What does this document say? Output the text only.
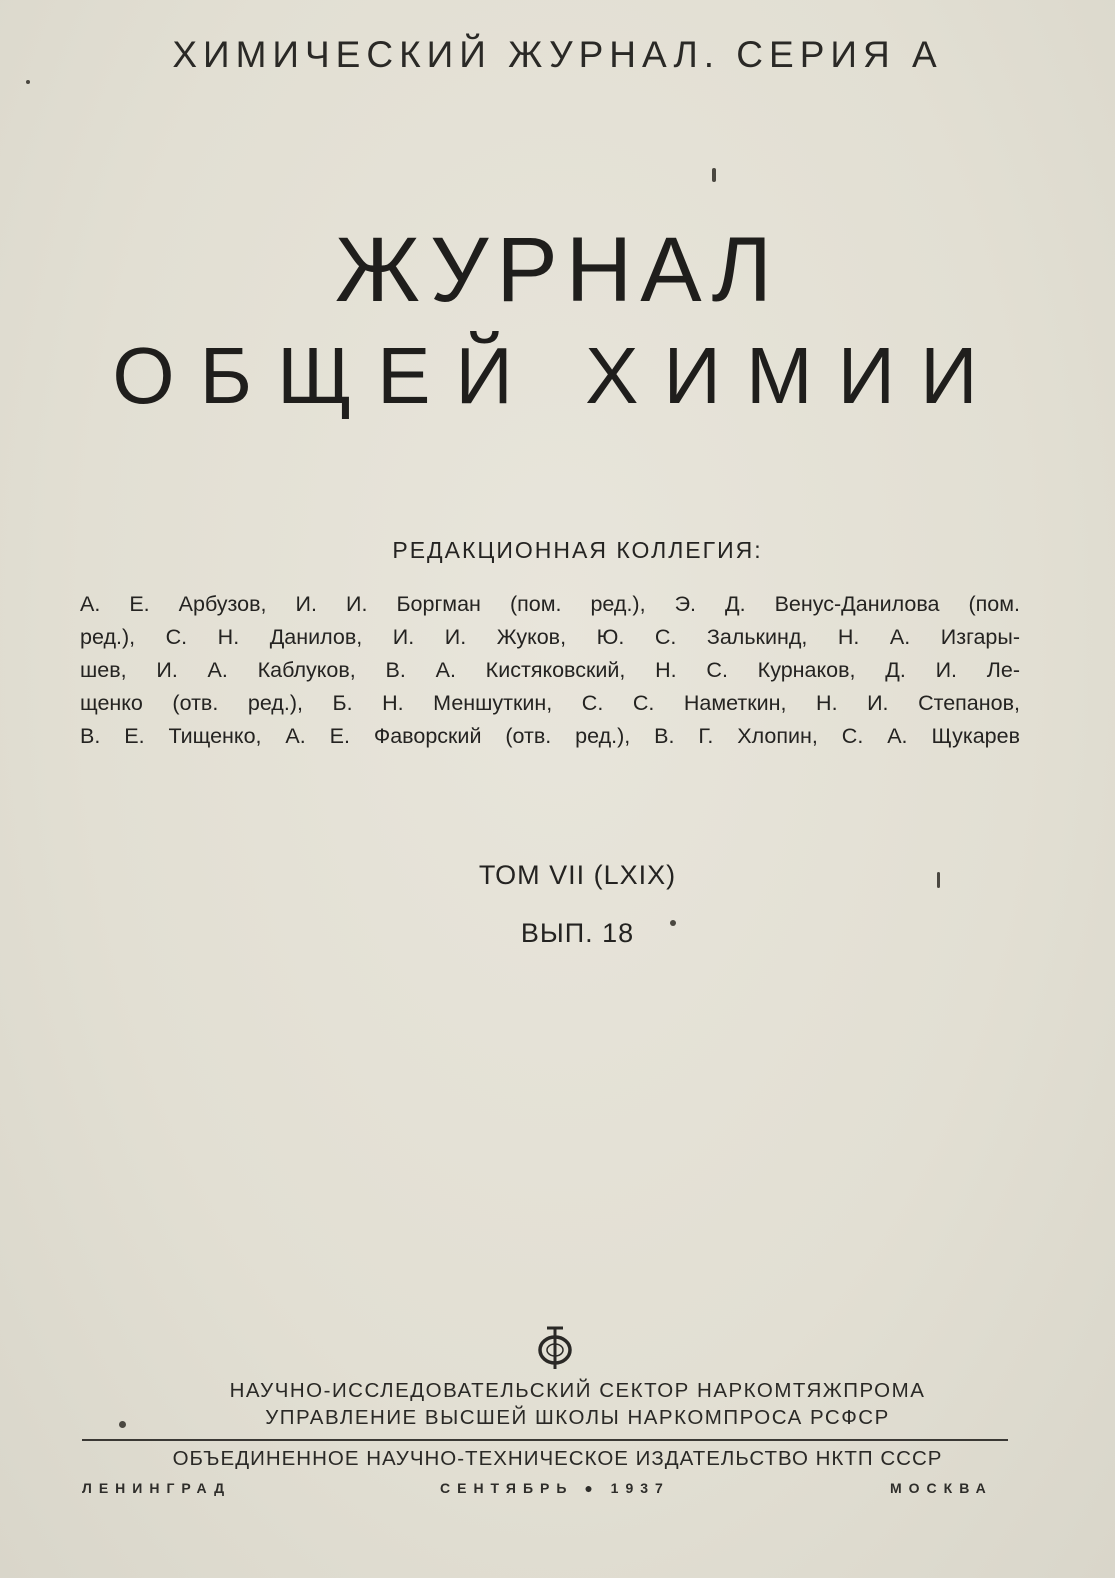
ХИМИЧЕСКИЙ ЖУРНАЛ. СЕРИЯ А
ЖУРНАЛ
ОБЩЕЙ ХИМИИ
РЕДАКЦИОННАЯ КОЛЛЕГИЯ:
А. Е. Арбузов, И. И. Боргман (пом. ред.), Э. Д. Венус-Данилова (пом.
ред.), С. Н. Данилов, И. И. Жуков, Ю. С. Залькинд, Н. А. Изгары-
шев, И. А. Каблуков, В. А. Кистяковский, Н. С. Курнаков, Д. И. Ле-
щенко (отв. ред.), Б. Н. Меншуткин, С. С. Наметкин, Н. И. Степанов,
В. Е. Тищенко, А. Е. Фаворский (отв. ред.), В. Г. Хлопин, С. А. Щукарев
ТОМ VII (LXIX)
ВЫП. 18
НАУЧНО-ИССЛЕДОВАТЕЛЬСКИЙ СЕКТОР НАРКОМТЯЖПРОМА
УПРАВЛЕНИЕ ВЫСШЕЙ ШКОЛЫ НАРКОМПРОСА РСФСР
ОБЪЕДИНЕННОЕ НАУЧНО-ТЕХНИЧЕСКОЕ ИЗДАТЕЛЬСТВО НКТП СССР
ЛЕНИНГРАД	СЕНТЯБРЬ ● 1937	МОСКВА
